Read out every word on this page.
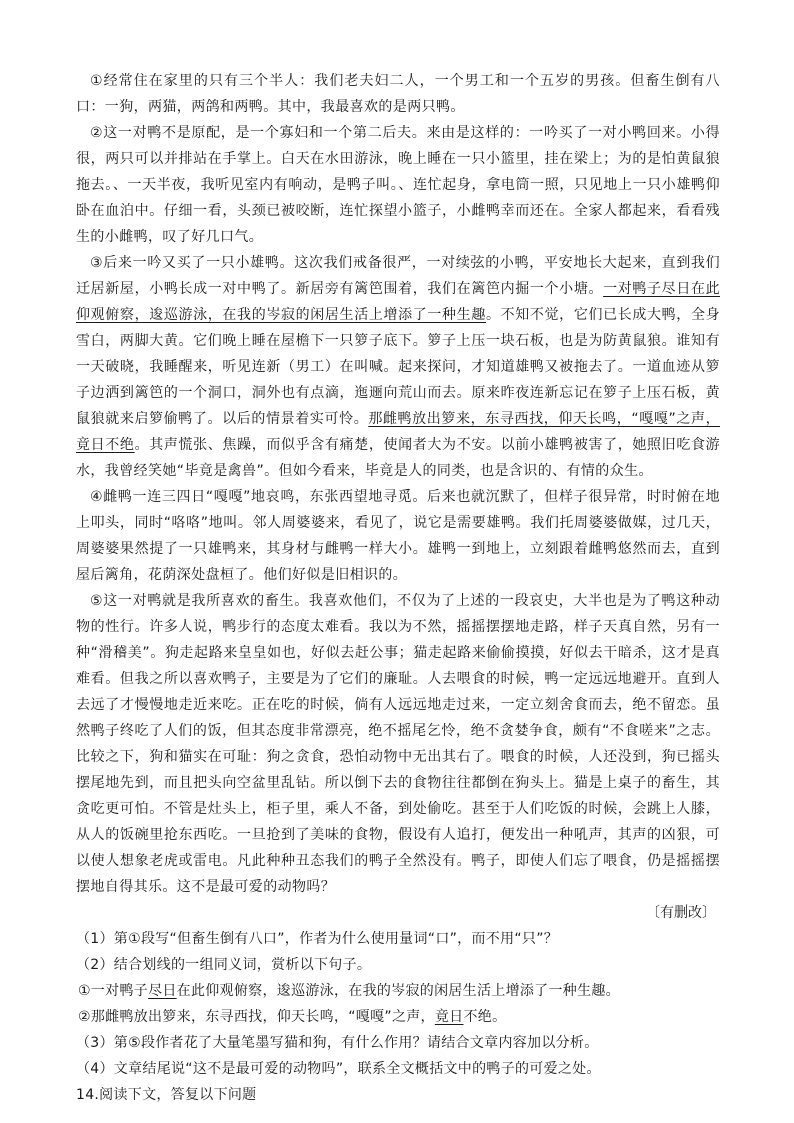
①经常住在家里的只有三个半人：我们老夫妇二人，一个男工和一个五岁的男孩。但畜生倒有八口：一狗，两猫，两鸽和两鸭。其中，我最喜欢的是两只鸭。

②这一对鸭不是原配，是一个寡妇和一个第二后夫。来由是这样的：一吟买了一对小鸭回来。小得很，两只可以并排站在手掌上。白天在水田游泳，晚上睡在一只小篮里，挂在梁上；为的是怕黄鼠狼拖去。、一天半夜，我听见室内有响动，是鸭子叫。、连忙起身，拿电筒一照，只见地上一只小雄鸭仰卧在血泊中。仔细一看，头颈已被咬断，连忙探望小篮子，小雌鸭幸而还在。全家人都起来，看看残生的小雌鸭，叹了好几口气。

③后来一吟又买了一只小雄鸭。这次我们戒备很严，一对续弦的小鸭，平安地长大起来，直到我们迁居新屋，小鸭长成一对中鸭了。新居旁有篱笆围着，我们在篱笆内掘一个小塘。一对鸭子尽日在此仰观俯察，逡巡游泳，在我的岑寂的闲居生活上增添了一种生趣。不知不觉，它们已长成大鸭，全身雪白，两脚大黄。它们晚上睡在屋檐下一只箩子底下。箩子上压一块石板，也是为防黄鼠狼。谁知有一天破晓，我睡醒来，听见连新（男工）在叫喊。起来探问，才知道雄鸭又被拖去了。一道血迹从箩子边洒到篱笆的一个洞口，洞外也有点滴，迤逦向荒山而去。原来昨夜连新忘记在箩子上压石板，黄鼠狼就来启箩偷鸭了。以后的情景着实可怜。那雌鸭放出箩来，东寻西找，仰天长鸣，“嘎嘎”之声，竟日不绝。其声慌张、焦躁，而似乎含有痛楚，使闻者大为不安。以前小雄鸭被害了，她照旧吃食游水，我曾经笑她“毕竟是禽兽”。但如今看来，毕竟是人的同类，也是含识的、有情的众生。

④雌鸭一连三四日“嘎嘎”地哀鸣，东张西望地寻觅。后来也就沉默了，但样子很异常，时时俯在地上叩头，同时“咯咯”地叫。邻人周婆婆来，看见了，说它是需要雄鸭。我们托周婆婆做媒，过几天，周婆婆果然提了一只雄鸭来，其身材与雌鸭一样大小。雄鸭一到地上，立刻跟着雌鸭悠然而去，直到屋后篱角，花荫深处盘桓了。他们好似是旧相识的。

⑤这一对鸭就是我所喜欢的畜生。我喜欢他们，不仅为了上述的一段哀史，大半也是为了鸭这种动物的性行。许多人说，鸭步行的态度太难看。我以为不然，摇摇摆摆地走路，样子天真自然，另有一种“滑稽美”。狗走起路来皇皇如也，好似去赶公事；猫走起路来偷偷摸摸，好似去干暗杀，这才是真难看。但我之所以喜欢鸭子，主要是为了它们的廉耻。人去喂食的时候，鸭一定远远地避开。直到人去远了才慢慢地走近来吃。正在吃的时候，倘有人远远地走过来，一定立刻舍食而去，绝不留恋。虽然鸭子终吃了人们的饭，但其态度非常漂亮，绝不摇尾乞怜，绝不贪婪争食，颇有“不食嗟来”之志。比较之下，狗和猫实在可耻：狗之贪食，恐怕动物中无出其右了。喂食的时候，人还没到，狗已摇头摆尾地先到，而且把头向空盆里乱钻。所以倒下去的食物往往都倒在狗头上。猫是上桌子的畜生，其贪吃更可怕。不管是灶头上，柜子里，乘人不备，到处偷吃。甚至于人们吃饭的时候，会跳上人膝，从人的饭碗里抢东西吃。一旦抢到了美味的食物，假设有人追打，便发出一种吼声，其声的凶狠，可以使人想象老虎或雷电。凡此种种丑态我们的鸭子全然没有。鸭子，即使人们忘了喂食，仍是摇摇摆摆地自得其乐。这不是最可爱的动物吗？

〔有删改〕

（1）第①段写“但畜生倒有八口”，作者为什么使用量词“口”，而不用“只”？

（2）结合划线的一组同义词，赏析以下句子。

①一对鸭子尽日在此仰观俯察，逡巡游泳，在我的岑寂的闲居生活上增添了一种生趣。

②那雌鸭放出箩来，东寻西找，仰天长鸣，“嘎嘎”之声，竟日不绝。

（3）第⑤段作者花了大量笔墨写猫和狗，有什么作用？请结合文章内容加以分析。

（4）文章结尾说“这不是最可爱的动物吗”，联系全文概括文中的鸭子的可爱之处。

14.阅读下文，答复以下问题
